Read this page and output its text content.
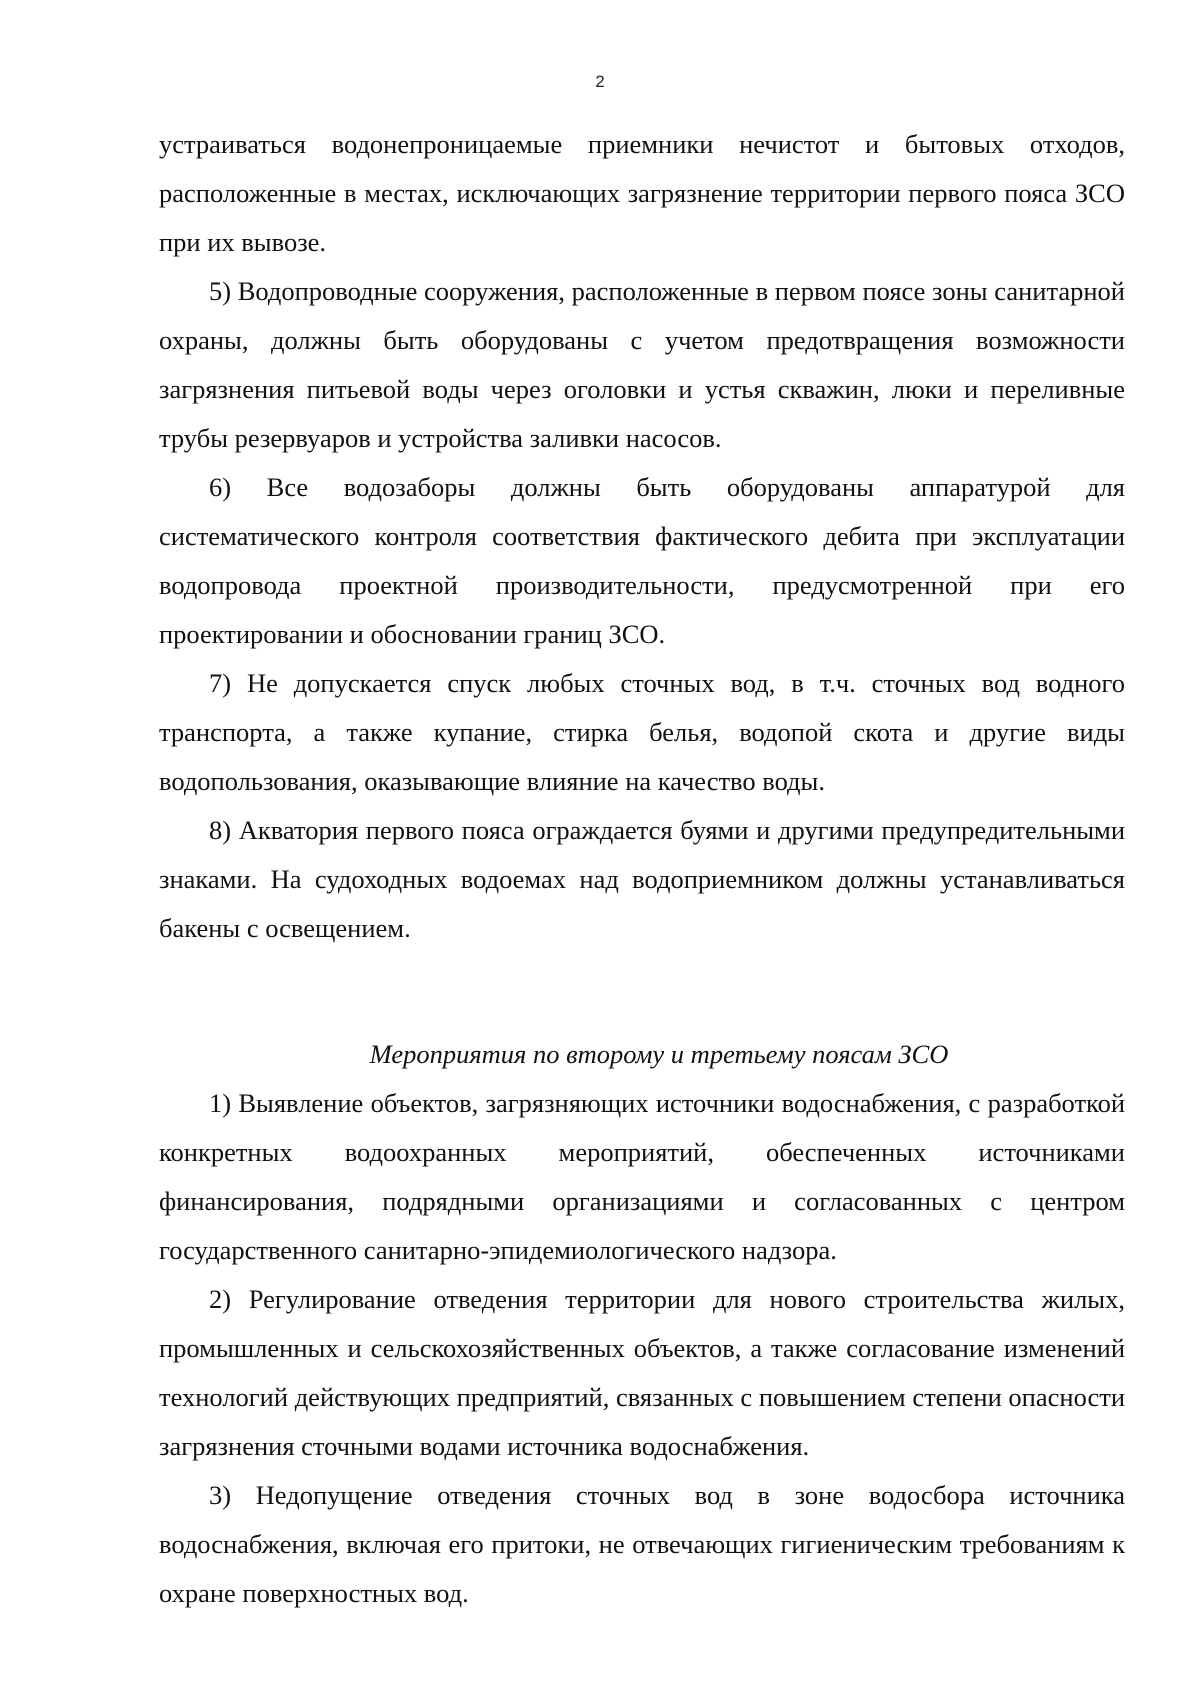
2

устраиваться водонепроницаемые приемники нечистот и бытовых отходов, расположенные в местах, исключающих загрязнение территории первого пояса ЗСО при их вывозе.

5) Водопроводные сооружения, расположенные в первом поясе зоны санитарной охраны, должны быть оборудованы с учетом предотвращения возможности загрязнения питьевой воды через оголовки и устья скважин, люки и переливные трубы резервуаров и устройства заливки насосов.

6) Все водозаборы должны быть оборудованы аппаратурой для систематического контроля соответствия фактического дебита при эксплуатации водопровода проектной производительности, предусмотренной при его проектировании и обосновании границ ЗСО.

7) Не допускается спуск любых сточных вод, в т.ч. сточных вод водного транспорта, а также купание, стирка белья, водопой скота и другие виды водопользования, оказывающие влияние на качество воды.

8) Акватория первого пояса ограждается буями и другими предупредительными знаками. На судоходных водоемах над водоприемником должны устанавливаться бакены с освещением.

Мероприятия по второму и третьему поясам ЗСО

1) Выявление объектов, загрязняющих источники водоснабжения, с разработкой конкретных водоохранных мероприятий, обеспеченных источниками финансирования, подрядными организациями и согласованных с центром государственного санитарно-эпидемиологического надзора.

2) Регулирование отведения территории для нового строительства жилых, промышленных и сельскохозяйственных объектов, а также согласование изменений технологий действующих предприятий, связанных с повышением степени опасности загрязнения сточными водами источника водоснабжения.

3) Недопущение отведения сточных вод в зоне водосбора источника водоснабжения, включая его притоки, не отвечающих гигиеническим требованиям к охране поверхностных вод.
